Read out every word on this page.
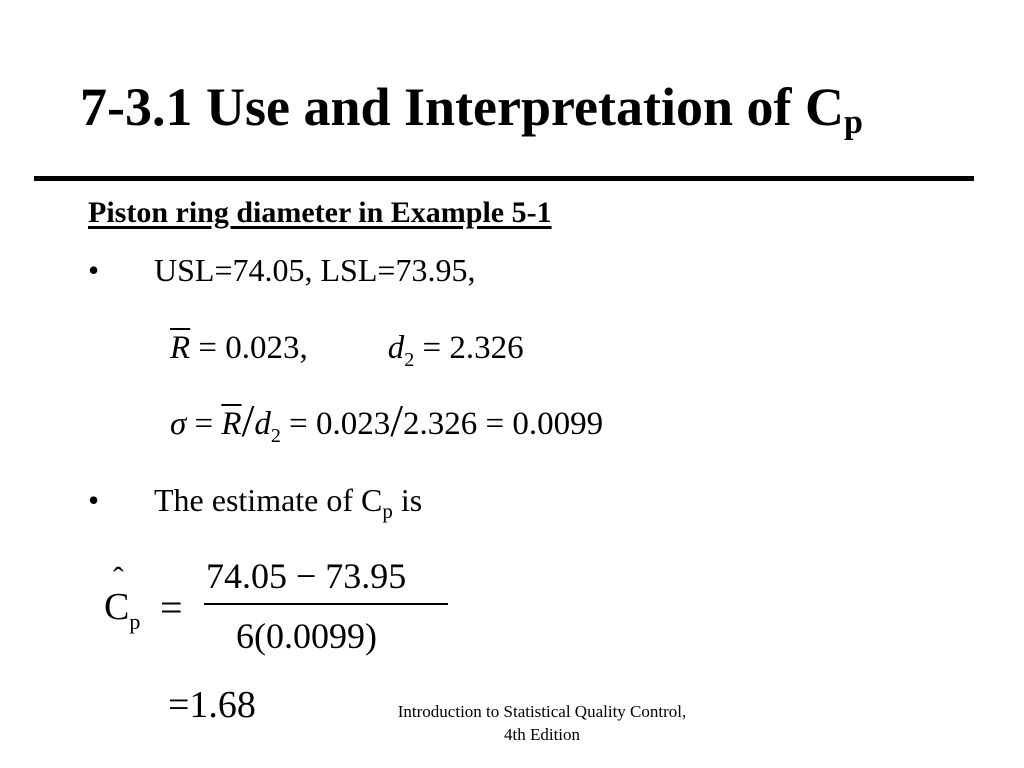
7-3.1 Use and Interpretation of $C_p$
Piston ring diameter in Example 5-1
• USL=74.05, LSL=73.95,
$\overline{R} = 0.023$, $d_2 = 2.326$
$\sigma = \overline{R}/d_2 = 0.023/2.326 = 0.0099$
• The estimate of $C_p$ is
ˆ
$C_p$ =
74.05 − 73.95
6(0.0099)
=1.68	Introduction to Statistical Quality Control,
4th Edition
